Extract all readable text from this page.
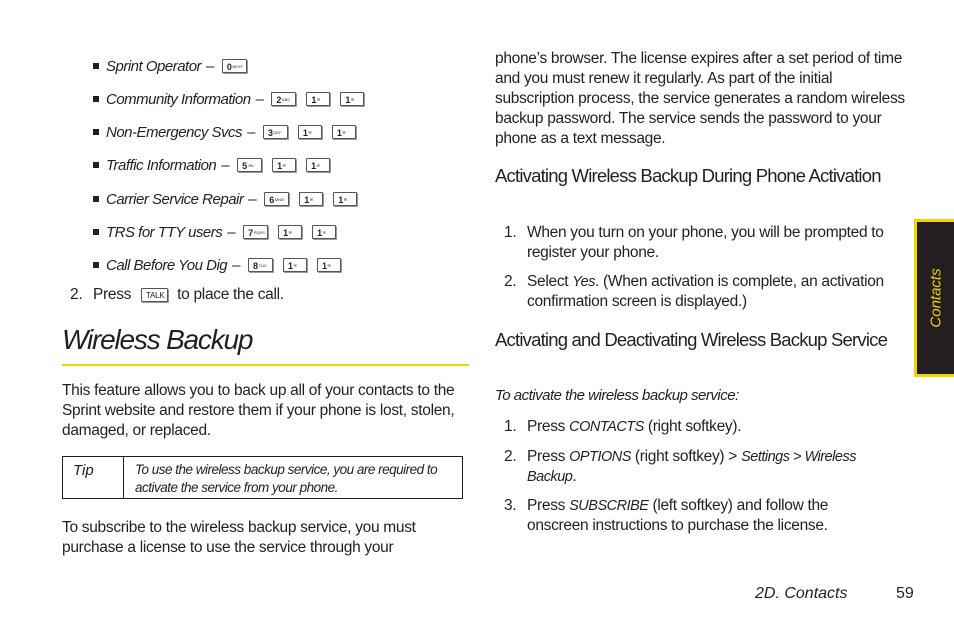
Sprint Operator –	$0^{NEXT}$
Community Information –	$2^{ABC}$	1✉	1✉
Non-Emergency Svcs –	$3^{DEF}$	1✉	1✉
Traffic Information –	$5^{JKL}$	1✉	1✉
Carrier Service Repair –	$6^{MNO}$	1✉	1✉
TRS for TTY users –	$7^{PQRS}$	1✉	1✉
Call Before You Dig –	$8^{TUV}$	1✉	1✉
2. Press TALK to place the call.
Wireless Backup
This feature allows you to back up all of your contacts to the Sprint website and restore them if your phone is lost, stolen, damaged, or replaced.
Tip	To use the wireless backup service, you are required to activate the service from your phone.
To subscribe to the wireless backup service, you must purchase a license to use the service through your
phone’s browser. The license expires after a set period of time and you must renew it regularly. As part of the initial subscription process, the service generates a random wireless backup password. The service sends the password to your phone as a text message.
Activating Wireless Backup During Phone Activation
1. When you turn on your phone, you will be prompted to register your phone.
2. Select Yes. (When activation is complete, an activation confirmation screen is displayed.)
Activating and Deactivating Wireless Backup Service
To activate the wireless backup service:
1. Press CONTACTS (right softkey).
2. Press OPTIONS (right softkey) > Settings > Wireless Backup.
3. Press SUBSCRIBE (left softkey) and follow the onscreen instructions to purchase the license.
Contacts
2D. Contacts	59
